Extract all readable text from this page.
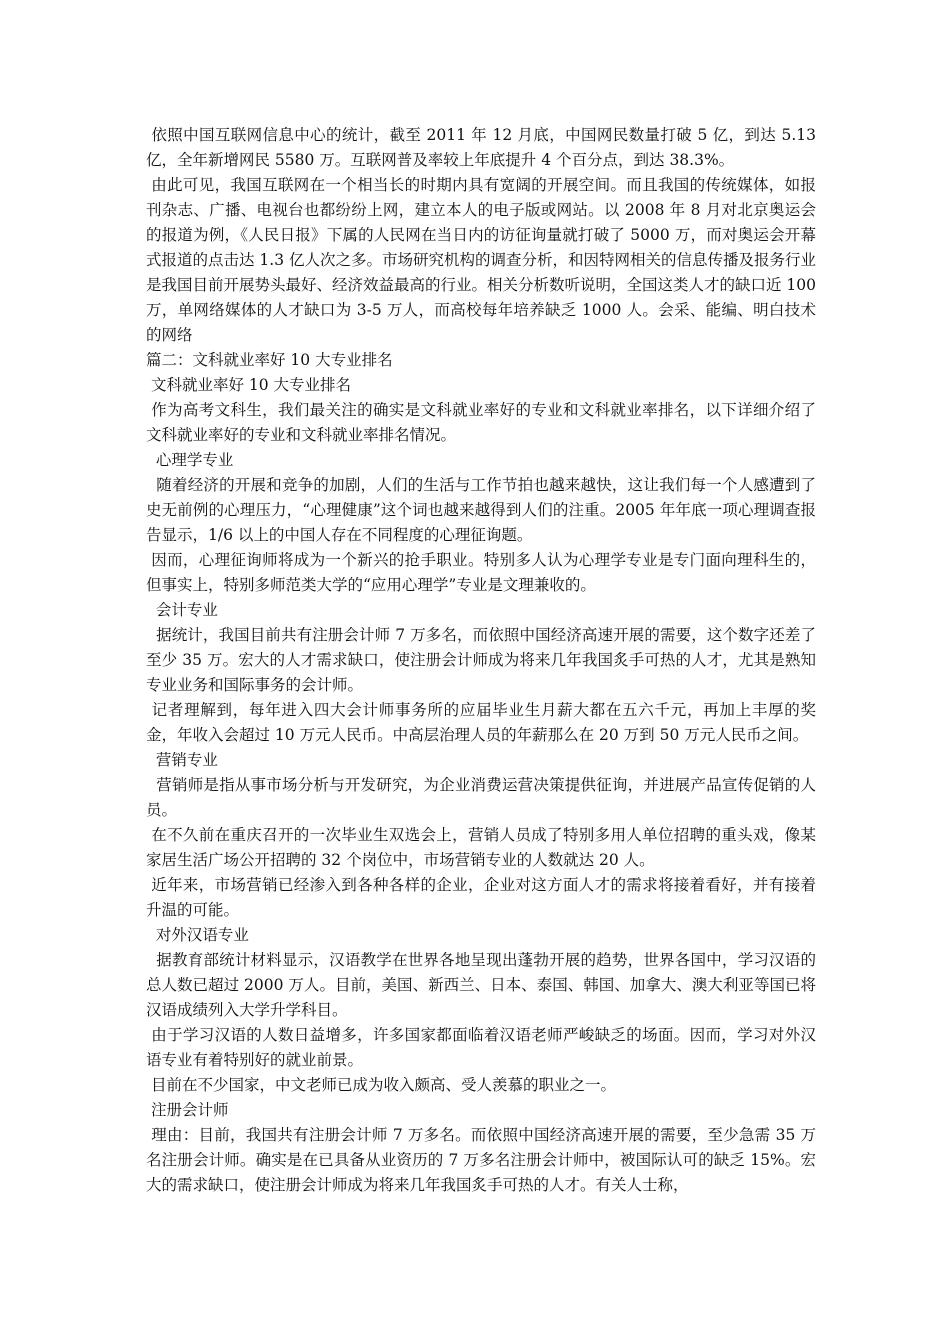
依照中国互联网信息中心的统计，截至 2011 年 12 月底，中国网民数量打破 5 亿，到达 5.13 亿，全年新增网民 5580 万。互联网普及率较上年底提升 4 个百分点，到达 38.3%。

由此可见，我国互联网在一个相当长的时期内具有宽阔的开展空间。而且我国的传统媒体，如报刊杂志、广播、电视台也都纷纷上网，建立本人的电子版或网站。以 2008 年 8 月对北京奥运会的报道为例，《人民日报》下属的人民网在当日内的访征询量就打破了 5000 万，而对奥运会开幕式报道的点击达 1.3 亿人次之多。市场研究机构的调查分析，和因特网相关的信息传播及报务行业是我国目前开展势头最好、经济效益最高的行业。相关分析数听说明，全国这类人才的缺口近 100 万，单网络媒体的人才缺口为 3-5 万人，而高校每年培养缺乏 1000 人。会采、能编、明白技术的网络

篇二：文科就业率好 10 大专业排名

文科就业率好 10 大专业排名

作为高考文科生，我们最关注的确实是文科就业率好的专业和文科就业率排名，以下详细介绍了文科就业率好的专业和文科就业率排名情况。

心理学专业

随着经济的开展和竞争的加剧，人们的生活与工作节拍也越来越快，这让我们每一个人感遭到了史无前例的心理压力，“心理健康”这个词也越来越得到人们的注重。2005 年年底一项心理调查报告显示，1/6 以上的中国人存在不同程度的心理征询题。

因而，心理征询师将成为一个新兴的抢手职业。特别多人认为心理学专业是专门面向理科生的，但事实上，特别多师范类大学的“应用心理学”专业是文理兼收的。

会计专业

据统计，我国目前共有注册会计师 7 万多名，而依照中国经济高速开展的需要，这个数字还差了至少 35 万。宏大的人才需求缺口，使注册会计师成为将来几年我国炙手可热的人才，尤其是熟知专业业务和国际事务的会计师。

记者理解到，每年进入四大会计师事务所的应届毕业生月薪大都在五六千元，再加上丰厚的奖金，年收入会超过 10 万元人民币。中高层治理人员的年薪那么在 20 万到 50 万元人民币之间。

营销专业

营销师是指从事市场分析与开发研究，为企业消费运营决策提供征询，并进展产品宣传促销的人员。

在不久前在重庆召开的一次毕业生双选会上，营销人员成了特别多用人单位招聘的重头戏，像某家居生活广场公开招聘的 32 个岗位中，市场营销专业的人数就达 20 人。

近年来，市场营销已经渗入到各种各样的企业，企业对这方面人才的需求将接着看好，并有接着升温的可能。

对外汉语专业

据教育部统计材料显示，汉语教学在世界各地呈现出蓬勃开展的趋势，世界各国中，学习汉语的总人数已超过 2000 万人。目前，美国、新西兰、日本、泰国、韩国、加拿大、澳大利亚等国已将汉语成绩列入大学升学科目。

由于学习汉语的人数日益增多，许多国家都面临着汉语老师严峻缺乏的场面。因而，学习对外汉语专业有着特别好的就业前景。

目前在不少国家，中文老师已成为收入颇高、受人羡慕的职业之一。

注册会计师

理由：目前，我国共有注册会计师 7 万多名。而依照中国经济高速开展的需要，至少急需 35 万名注册会计师。确实是在已具备从业资历的 7 万多名注册会计师中，被国际认可的缺乏 15%。宏大的需求缺口，使注册会计师成为将来几年我国炙手可热的人才。有关人士称，
